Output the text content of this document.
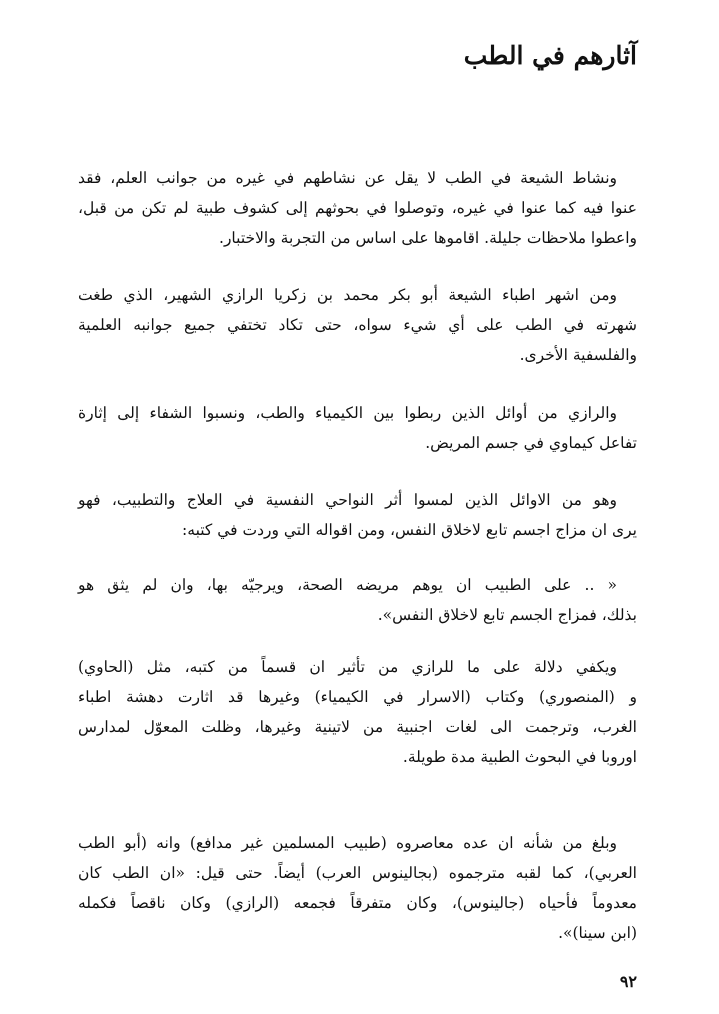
آثارهم في الطب
ونشاط الشيعة في الطب لا يقل عن نشاطهم في غيره من جوانب العلم، فقد
عنوا فيه كما عنوا في غيره، وتوصلوا في بحوثهم إلى كشوف طبية لم تكن من قبل،
واعطوا ملاحظات جليلة. اقاموها على اساس من التجربة والاختبار.
ومن اشهر اطباء الشيعة أبو بكر محمد بن زكريا الرازي الشهير، الذي طغت
شهرته في الطب على أي شيء سواه، حتى تكاد تختفي جميع جوانبه العلمية
والفلسفية الأخرى.
والرازي من أوائل الذين ربطوا بين الكيمياء والطب، ونسبوا الشفاء إلى إثارة
تفاعل كيماوي في جسم المريض.
وهو من الاوائل الذين لمسوا أثر النواحي النفسية في العلاج والتطبيب، فهو
يرى ان مزاج اجسم تابع لاخلاق النفس، ومن اقواله التي وردت في كتبه:
« .. على الطبيب ان يوهم مريضه الصحة، ويرجيّه بها، وان لم يثق هو
بذلك، فمزاج الجسم تابع لاخلاق النفس».
ويكفي دلالة على ما للرازي من تأثير ان قسماً من كتبه، مثل (الحاوي)
و (المنصوري) وكتاب (الاسرار في الكيمياء) وغيرها قد اثارت دهشة اطباء
الغرب، وترجمت الى لغات اجنبية من لاتينية وغيرها، وظلت المعوّل لمدارس
اوروبا في البحوث الطبية مدة طويلة.
وبلغ من شأنه ان عده معاصروه (طبيب المسلمين غير مدافع) وانه (أبو الطب
العربي)، كما لقبه مترجموه (بجالينوس العرب) أيضاً. حتى قيل: «ان الطب كان
معدوماً فأحياه (جالينوس)، وكان متفرقاً فجمعه (الرازي) وكان ناقصاً فكمله
(ابن سينا)».
٩٢
